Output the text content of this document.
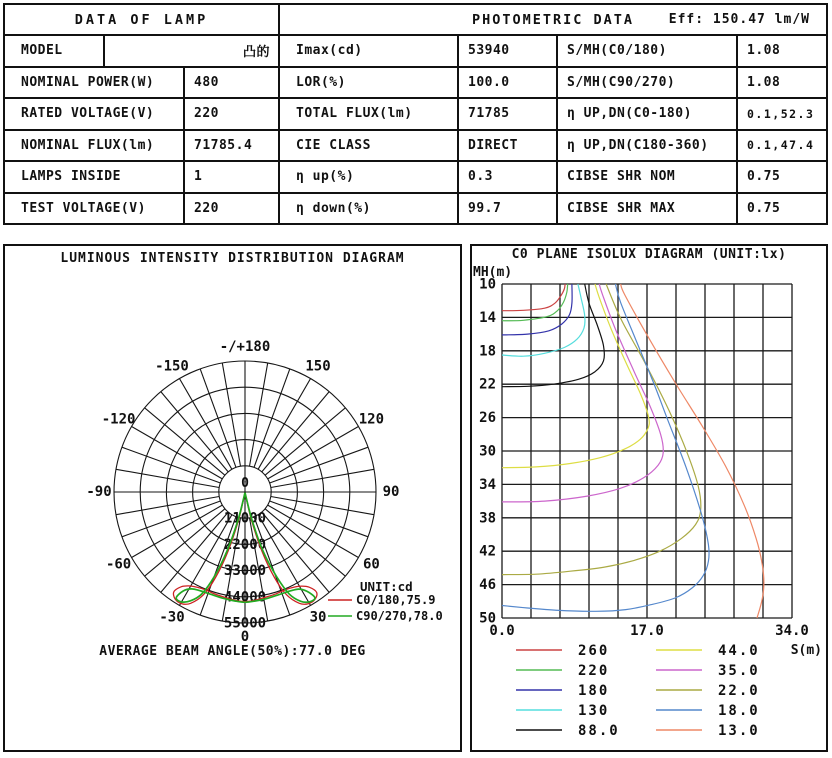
DATA OF LAMP	PHOTOMETRIC DATA	Eff: 150.47 lm/W
MODEL	凸的	Imax(cd)	53940	S/MH(C0/180)	1.08
NOMINAL POWER(W)	480	LOR(%)	100.0	S/MH(C90/270)	1.08
RATED VOLTAGE(V)	220	TOTAL FLUX(lm)	71785	η UP,DN(C0-180)	0.1,52.3
NOMINAL FLUX(lm)	71785.4	CIE CLASS	DIRECT	η UP,DN(C180-360)	0.1,47.4
LAMPS INSIDE	1	η up(%)	0.3	CIBSE SHR NOM	0.75
TEST VOLTAGE(V)	220	η down(%)	99.7	CIBSE SHR MAX	0.75
-150
-120
-90
-60
-30
0
30
60
90
120
150
-/+180
11000
22000
33000
44000
55000
0
UNIT:cd
C0/180,75.9
C90/270,78.0
LUMINOUS INTENSITY DISTRIBUTION DIAGRAM
AVERAGE BEAM ANGLE(50%):77.0 DEG
10
14
18
22
26
30
34
38
42
46
50
0.0	17.0	34.0
MH(m)
S(m)
260
220
180
130
88.0
44.0
35.0
22.0
18.0
13.0
C0 PLANE ISOLUX DIAGRAM (UNIT:lx)
